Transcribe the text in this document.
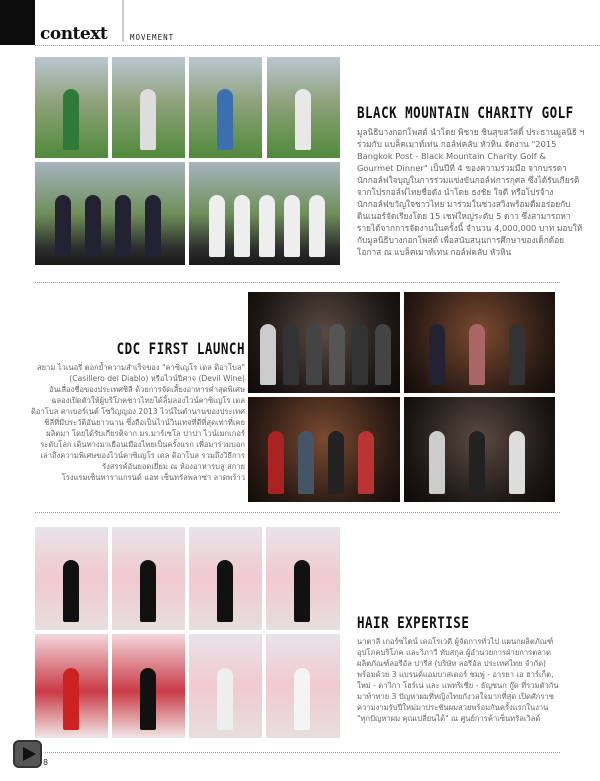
context	MOVEMENT
BLACK MOUNTAIN CHARITY GOLF

มูลนิธิบางกอกโพสต์ นำโดย พิชาย ชินสุขสวัสดิ์ ประธานมูลนิธิ ฯ

ร่วมกับ แบล็คเมาท์เท่น กอล์ฟคลับ หัวหิน จัดงาน "2015

Bangkok Post - Black Mountain Charity Golf &

Gourmet Dinner" เป็นปีที่ 4 ของความร่วมมือ จากบรรดา

นักกอล์ฟใจบุญในการร่วมแข่งขันกอล์ฟการกุศล ซึ่งได้รับเกียรติ

จากโปรกอล์ฟไทยชื่อดัง นำโดย ธงชัย ใจดี หรือโปรจ้าง

นักกอล์ฟขวัญใจชาวไทย มาร่วมในช่วงสวิงพร้อมดื่มอร่อยกับ

ดินเนอร์จัดเรียงโดย 15 เชฟใหญ่ระดับ 5 ดาว ซึ่งสามารถหา

รายได้จากการจัดงานในครั้งนี้ จำนวน 4,000,000 บาท มอบให้

กับมูลนิธิบางกอกโพสต์ เพื่อสนับสนุนการศึกษาของเด็กด้อย

โอกาส ณ แบล็คเมาท์เท่น กอล์ฟคลับ หัวหิน

CDC FIRST LAUNCH

สยาม ไวเนอรี่ ตอกย้ำความสำเร็จของ "คาซิเญโร เดล ดิอาโบล"

(Casillero del Diablo) หรือไวน์ปีศาจ (Devil Wine)

อันเลื่องชื่อของประเทศชิลี ด้วยการจัดเลี้ยงอาหารค่ำสุดพิเศษ

ฉลองเปิดตัวให้ผู้บริโภคชาวไทยได้ลิ้มลองไวน์คาซิเญโร เดล

ดิอาโบล คาเบอร์เนต์ โซวิญญอง 2013 ไวน์ในตำนานของประเทศ

ชิลีที่มีประวัติอันยาวนาน ซึ่งถือเป็นไวน์วินเทจที่ดีที่สุดเท่าที่เคย

ผลิตมา โดยได้รับเกียรติจาก มร.มาร์เซโล ปาปา ไวน์เมกเกอร์

ระดับโลก เดินทางมาเยือนเมืองไทยเป็นครั้งแรก เพื่อมาร่วมบอก

เล่าถึงความพิเศษของไวน์คาซิเญโร เดล ดิอาโบล รวมถึงวิธีการ

รังสรรค์อันยอดเยี่ยม ณ ห้องอาหารบลู สกาย

โรงแรมเซ็นทาราแกรนด์ แอท เซ็นทรัลพลาซ่า ลาดพร้าว

HAIR EXPERTISE

นาตาลี เกอร์ซไตน์ เดอโรเวดี ผู้จัดการทั่วไป แผนกผลิตภัณฑ์

อุปโภคบริโภค และวิภาวี ทับสกุล ผู้อำนวยการฝ่ายการตลาด

ผลิตภัณฑ์ลอรีอัล ปารีส (บริษัท ลอรีอัล ประเทศไทย จำกัด)

พร้อมด้วย 3 แบรนด์แอมบาสเดอร์ ชมพู่ - อารยา เอ ฮาร์เก็ต,

ใหม่ - ดาวิกา โฮร์เน่ และ แพทริเซีย - ธัญชนก กู๊ด ที่รวมตัวกัน

มาท้าทาย 3 ปัญหาผมที่หญิงไทยกังวลใจมากที่สุด เปิดศักราช

ความงามรับปีใหม่มาประชันผมสวยพร้อมกันครั้งแรกในงาน

"ทุกปัญหาผม คุณเปลี่ยนได้" ณ ศูนย์การค้าเซ็นทรัลเวิลด์

8
